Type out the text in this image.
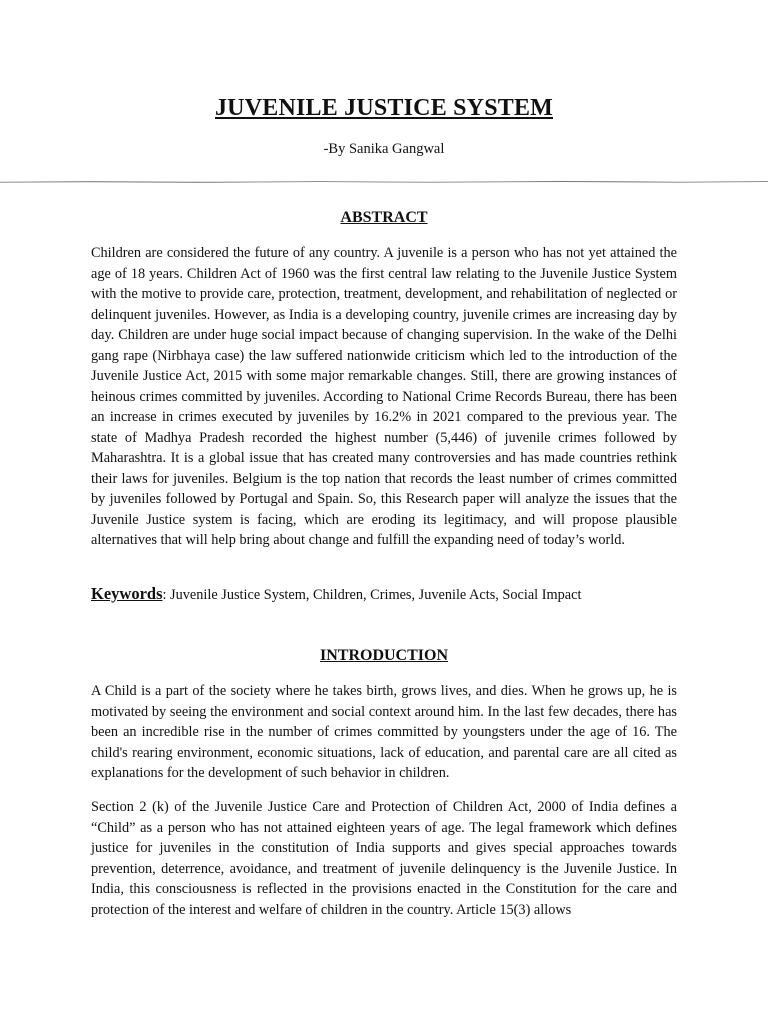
JUVENILE JUSTICE SYSTEM

-By Sanika Gangwal

ABSTRACT

Children are considered the future of any country. A juvenile is a person who has not yet attained the age of 18 years. Children Act of 1960 was the first central law relating to the Juvenile Justice System with the motive to provide care, protection, treatment, development, and rehabilitation of neglected or delinquent juveniles. However, as India is a developing country, juvenile crimes are increasing day by day. Children are under huge social impact because of changing supervision. In the wake of the Delhi gang rape (Nirbhaya case) the law suffered nationwide criticism which led to the introduction of the Juvenile Justice Act, 2015 with some major remarkable changes. Still, there are growing instances of heinous crimes committed by juveniles. According to National Crime Records Bureau, there has been an increase in crimes executed by juveniles by 16.2% in 2021 compared to the previous year. The state of Madhya Pradesh recorded the highest number (5,446) of juvenile crimes followed by Maharashtra. It is a global issue that has created many controversies and has made countries rethink their laws for juveniles. Belgium is the top nation that records the least number of crimes committed by juveniles followed by Portugal and Spain. So, this Research paper will analyze the issues that the Juvenile Justice system is facing, which are eroding its legitimacy, and will propose plausible alternatives that will help bring about change and fulfill the expanding need of today’s world.

Keywords: Juvenile Justice System, Children, Crimes, Juvenile Acts, Social Impact

INTRODUCTION

A Child is a part of the society where he takes birth, grows lives, and dies. When he grows up, he is motivated by seeing the environment and social context around him. In the last few decades, there has been an incredible rise in the number of crimes committed by youngsters under the age of 16. The child's rearing environment, economic situations, lack of education, and parental care are all cited as explanations for the development of such behavior in children.

Section 2 (k) of the Juvenile Justice Care and Protection of Children Act, 2000 of India defines a “Child” as a person who has not attained eighteen years of age. The legal framework which defines justice for juveniles in the constitution of India supports and gives special approaches towards prevention, deterrence, avoidance, and treatment of juvenile delinquency is the Juvenile Justice. In India, this consciousness is reflected in the provisions enacted in the Constitution for the care and protection of the interest and welfare of children in the country. Article 15(3) allows
